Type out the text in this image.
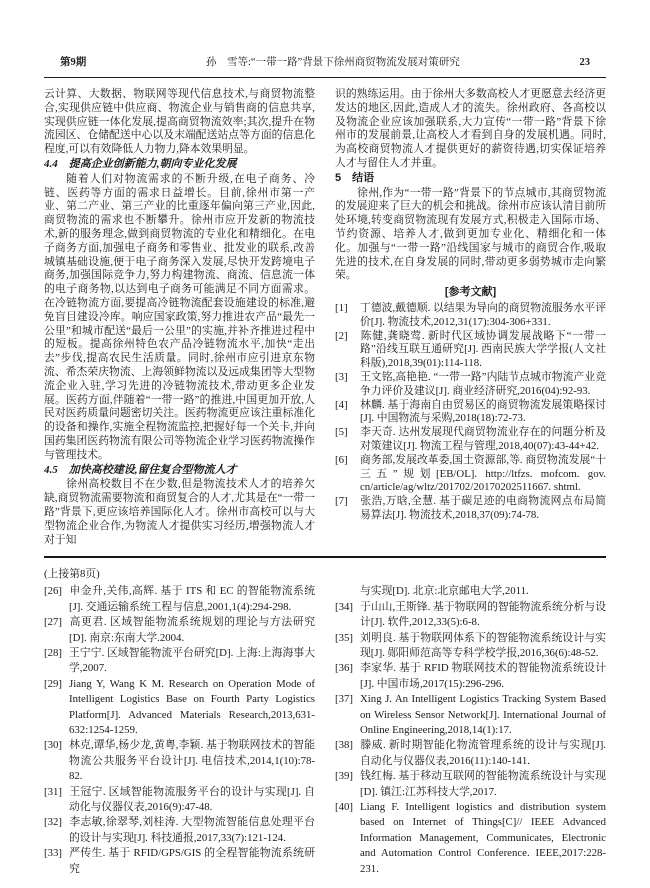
第9期	孙　雪等:“一带一路”背景下徐州商贸物流发展对策研究	23

云计算、大数据、物联网等现代信息技术,与商贸物流整合,实现供应链中供应商、物流企业与销售商的信息共享,实现供应链一体化发展,提高商贸物流效率;其次,提升在物流园区、仓储配送中心以及末端配送站点等方面的信息化程度,可以有效降低人力物力,降本效果明显。

4.4　提高企业创新能力,朝向专业化发展

随着人们对物流需求的不断升级,在电子商务、冷链、医药等方面的需求日益增长。目前,徐州市第一产业、第二产业、第三产业的比重逐年偏向第三产业,因此,商贸物流的需求也不断攀升。徐州市应开发新的物流技术,新的服务理念,做到商贸物流的专业化和精细化。在电子商务方面,加强电子商务和零售业、批发业的联系,改善城镇基础设施,便于电子商务深入发展,尽快开发跨境电子商务,加强国际竞争力,努力构建物流、商流、信息流一体的电子商务物,以达到电子商务可能满足不同方面需求。在冷链物流方面,要提高冷链物流配套设施建设的标准,避免盲目建设冷库。响应国家政策,努力推进农产品“最先一公里”和城市配送“最后一公里”的实施,并补齐推进过程中的短板。提高徐州特色农产品冷链物流水平,加快“走出去”步伐,提高农民生活质量。同时,徐州市应引进京东物流、希杰荣庆物流、上海领鲜物流以及远成集团等大型物流企业入驻,学习先进的冷链物流技术,带动更多企业发展。医药方面,伴随着“一带一路”的推进,中国更加开放,人民对医药质量问题密切关注。医药物流更应该注重标准化的设备和操作,实施全程物流监控,把握好每一个关卡,并向国药集团医药物流有限公司等物流企业学习医药物流操作与管理技术。

4.5　加快高校建设,留住复合型物流人才

徐州高校数目不在少数,但是物流技术人才的培养欠缺,商贸物流需要物流和商贸复合的人才,尤其是在“一带一路”背景下,更应该培养国际化人才。徐州市高校可以与大型物流企业合作,为物流人才提供实习经历,增强物流人才对于知

识的熟练运用。由于徐州大多数高校人才更愿意去经济更发达的地区,因此,造成人才的流失。徐州政府、各高校以及物流企业应该加强联系,大力宣传“一带一路”背景下徐州市的发展前景,让高校人才看到自身的发展机遇。同时,为高校商贸物流人才提供更好的薪资待遇,切实保证培养人才与留住人才并重。

5　结语

徐州,作为“一带一路”背景下的节点城市,其商贸物流的发展迎来了巨大的机会和挑战。徐州市应该认清目前所处环境,转变商贸物流现有发展方式,积极走入国际市场、节约资源、培养人才,做到更加专业化、精细化和一体化。加强与“一带一路”沿线国家与城市的商贸合作,吸取先进的技术,在自身发展的同时,带动更多弱势城市走向繁荣。

[参考文献]
[1] 丁德波,戴德顺. 以结果为导向的商贸物流服务水平评价[J]. 物流技术,2012,31(17):304-306+331.
[2] 陈健,龚晓莺. 新时代区域协调发展战略下“一带一路”沿线互联互通研究[J]. 西南民族大学学报(人文社科版),2018,39(01):114-118.
[3] 王文铭,高艳艳. “一带一路”内陆节点城市物流产业竞争力评价及建议[J]. 商业经济研究,2016(04):92-93.
[4] 林麟. 基于海南自由贸易区的商贸物流发展策略探讨[J]. 中国物流与采购,2018(18):72-73.
[5] 李天奇. 达州发展现代商贸物流业存在的问题分析及对策建议[J]. 物流工程与管理,2018,40(07):43-44+42.
[6] 商务部,发展改革委,国土资源部,等. 商贸物流发展“十三五”规划[EB/OL]. http://ltfzs. mofcom. gov. cn/article/ag/wltz/201702/20170202511667. shtml.
[7] 张浩,万晗,全慧. 基于碳足迹的电商物流网点布局简易算法[J]. 物流技术,2018,37(09):74-78.
(上接第8页)
[26] 申金升,关伟,高辉. 基于 ITS 和 EC 的智能物流系统[J]. 交通运输系统工程与信息,2001,1(4):294-298.
[27] 高更君. 区域智能物流系统规划的理论与方法研究[D]. 南京:东南大学.2004.
[28] 王宁宁. 区域智能物流平台研究[D]. 上海:上海海事大学,2007.
[29] Jiang Y, Wang K M. Research on Operation Mode of Intelligent Logistics Base on Fourth Party Logistics Platform[J]. Advanced Materials Research,2013,631-632:1254-1259.
[30] 林克,谭华,杨少龙,黄粤,李颖. 基于物联网技术的智能物流公共服务平台设计[J]. 电信技术,2014,1(10):78-82.
[31] 王冠宁. 区域智能物流服务平台的设计与实现[J]. 自动化与仪器仪表,2016(9):47-48.
[32] 李志敏,徐翠琴,刘桂涛. 大型物流智能信息处理平台的设计与实现[J]. 科技通报,2017,33(7):121-124.
[33] 严传生. 基于 RFID/GPS/GIS 的全程智能物流系统研究
与实现[D]. 北京:北京邮电大学,2011.
[34] 于山山,王斯锋. 基于物联网的智能物流系统分析与设计[J]. 软件,2012,33(5):6-8.
[35] 刘明良. 基于物联网体系下的智能物流系统设计与实现[J]. 郧阳师范高等专科学校学报,2016,36(6):48-52.
[36] 李家华. 基于 RFID 物联网技术的智能物流系统设计[J]. 中国市场,2017(15):296-296.
[37] Xing J. An Intelligent Logistics Tracking System Based on Wireless Sensor Network[J]. International Journal of Online Engineering,2018,14(1):17.
[38] 滕威. 新时期智能化物流管理系统的设计与实现[J]. 自动化与仪器仪表,2016(11):140-141.
[39] 钱红梅. 基于移动互联网的智能物流系统设计与实现[D]. 镇江:江苏科技大学,2017.
[40] Liang F. Intelligent logistics and distribution system based on Internet of Things[C]// IEEE Advanced Information Management, Communicates, Electronic and Automation Control Conference. IEEE,2017:228-231.
